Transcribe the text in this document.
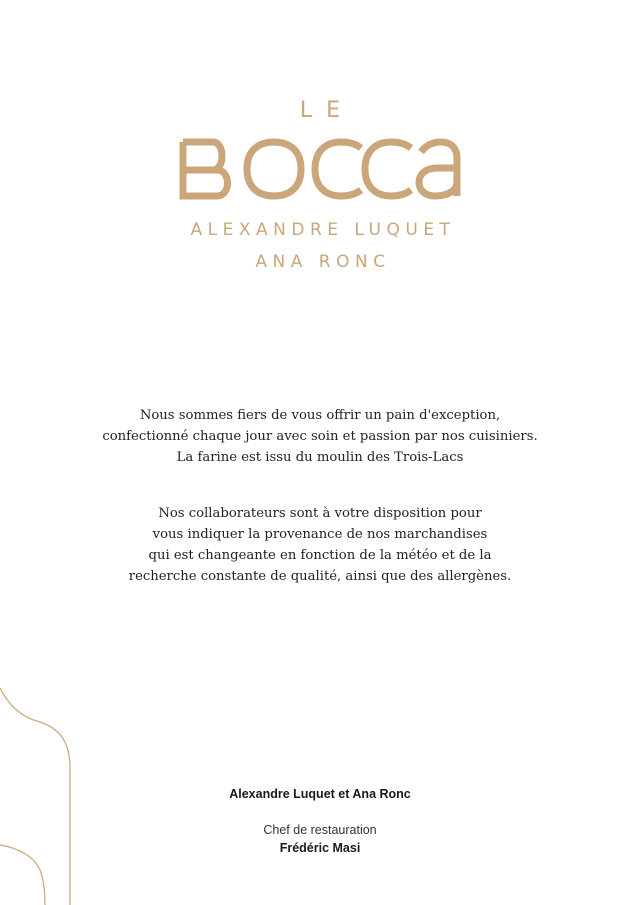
LE
ALEXANDRE LUQUET
ANA RONC
Nous sommes fiers de vous offrir un pain d'exception,
confectionné chaque jour avec soin et passion par nos cuisiniers.
La farine est issu du moulin des Trois-Lacs
Nos collaborateurs sont à votre disposition pour
vous indiquer la provenance de nos marchandises
qui est changeante en fonction de la météo et de la
recherche constante de qualité, ainsi que des allergènes.
Alexandre Luquet et Ana Ronc
Chef de restauration
Frédéric Masi
